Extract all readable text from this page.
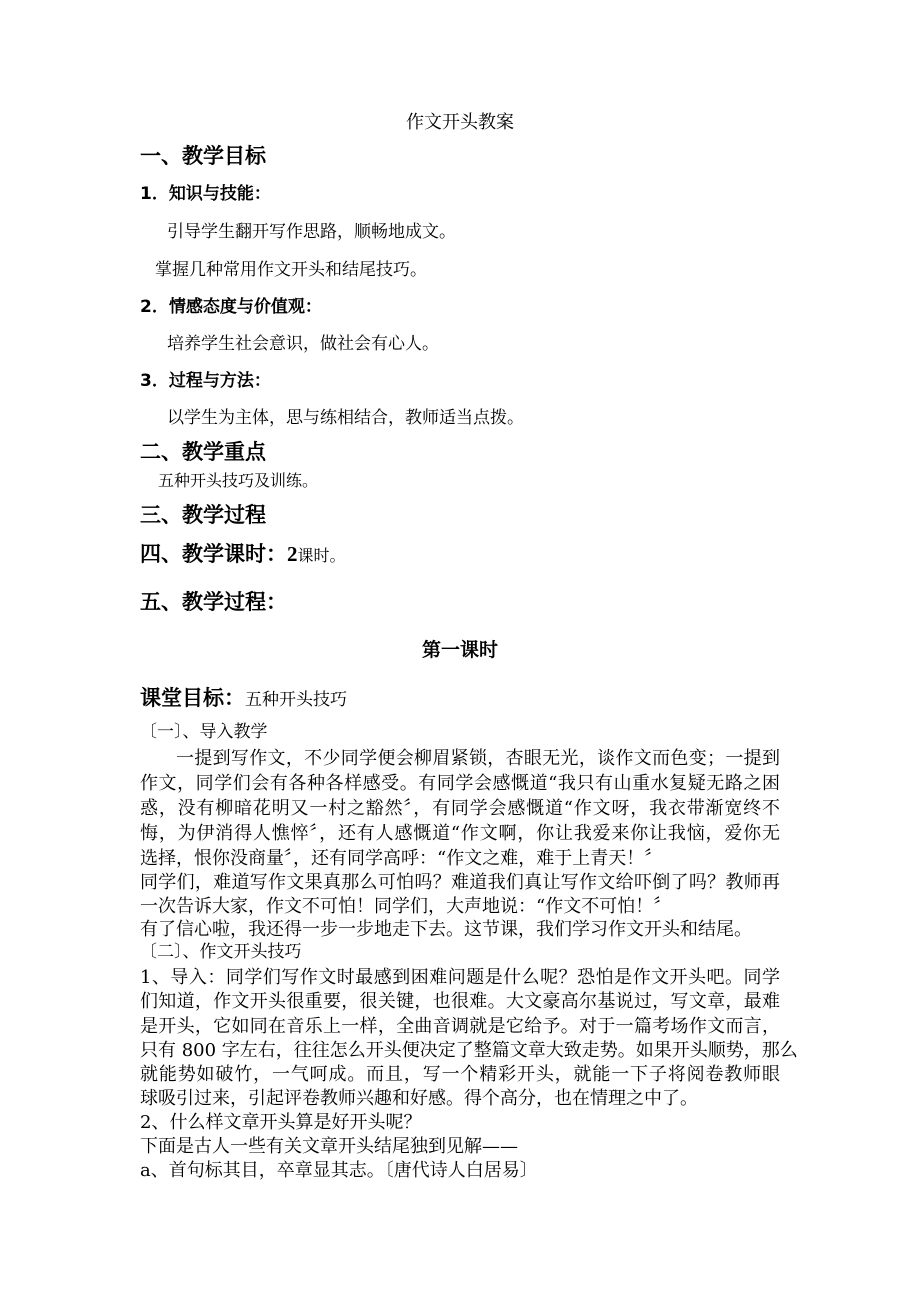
作文开头教案
一、教学目标
1．知识与技能：
引导学生翻开写作思路，顺畅地成文。
掌握几种常用作文开头和结尾技巧。
2．情感态度与价值观：
培养学生社会意识，做社会有心人。
3．过程与方法：
以学生为主体，思与练相结合，教师适当点拨。
二、教学重点
五种开头技巧及训练。
三、教学过程
四、教学课时：2课时。
五、教学过程：
第一课时
课堂目标：五种开头技巧
〔一〕、导入教学
一提到写作文，不少同学便会柳眉紧锁，杏眼无光，谈作文而色变；一提到
作文，同学们会有各种各样感受。有同学会感慨道“我只有山重水复疑无路之困
惑，没有柳暗花明又一村之豁然〞，有同学会感慨道“作文呀，我衣带渐宽终不
悔，为伊消得人憔悴〞，还有人感慨道“作文啊，你让我爱来你让我恼，爱你无
选择，恨你没商量〞，还有同学高呼：“作文之难，难于上青天！〞
同学们，难道写作文果真那么可怕吗？难道我们真让写作文给吓倒了吗？教师再
一次告诉大家，作文不可怕！同学们，大声地说：“作文不可怕！〞
有了信心啦，我还得一步一步地走下去。这节课，我们学习作文开头和结尾。
〔二〕、作文开头技巧
1、导入：同学们写作文时最感到困难问题是什么呢？恐怕是作文开头吧。同学
们知道，作文开头很重要，很关键，也很难。大文豪高尔基说过，写文章，最难
是开头，它如同在音乐上一样，全曲音调就是它给予。对于一篇考场作文而言，
只有 800 字左右，往往怎么开头便决定了整篇文章大致走势。如果开头顺势，那么
就能势如破竹，一气呵成。而且，写一个精彩开头，就能一下子将阅卷教师眼
球吸引过来，引起评卷教师兴趣和好感。得个高分，也在情理之中了。
2、什么样文章开头算是好开头呢？
下面是古人一些有关文章开头结尾独到见解——
a、首句标其目，卒章显其志。〔唐代诗人白居易〕
